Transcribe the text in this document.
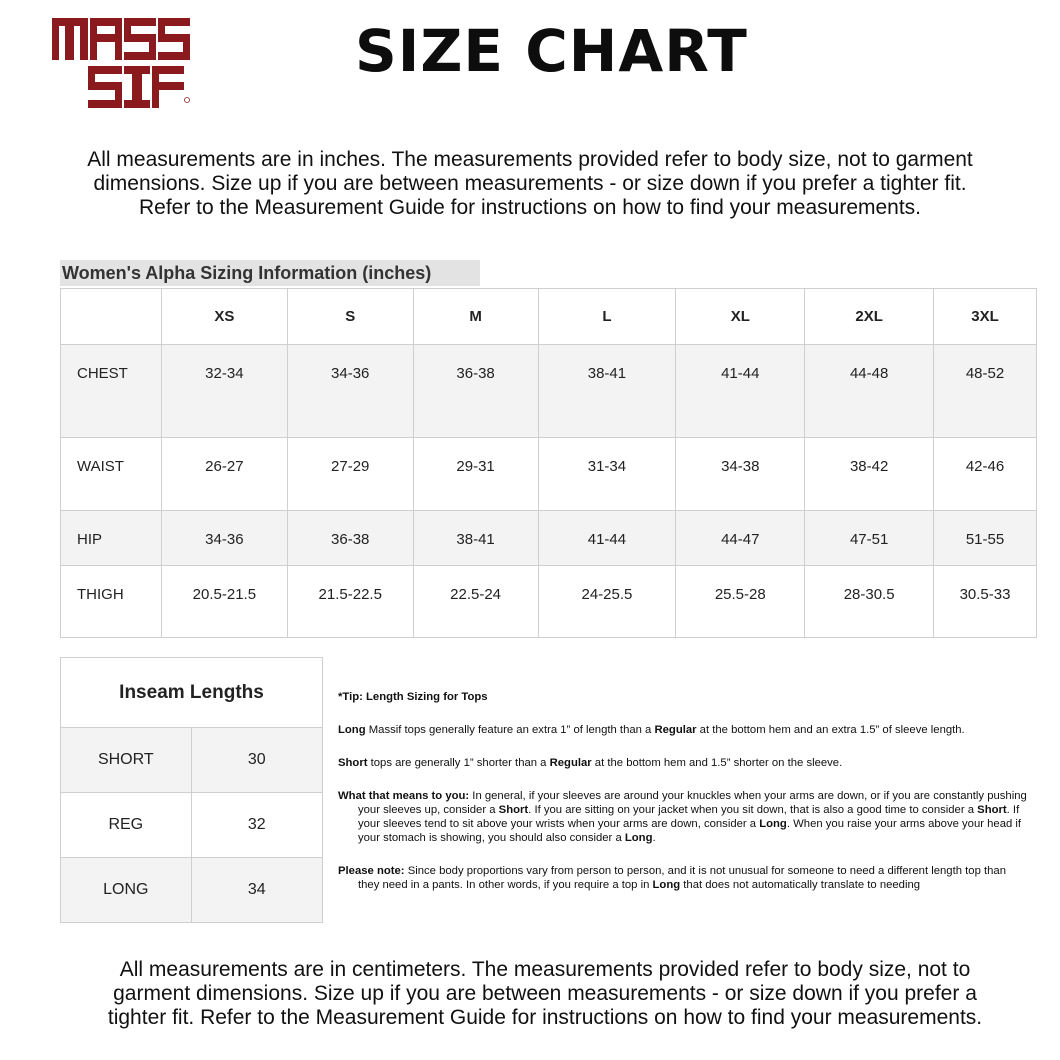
SIZE CHART
All measurements are in inches. The measurements provided refer to body size, not to garment
dimensions. Size up if you are between measurements - or size down if you prefer a tighter fit.
Refer to the Measurement Guide for instructions on how to find your measurements.
Women's Alpha Sizing Information (inches)
	XS	S	M	L	XL	2XL	3XL
CHEST	32-34	34-36	36-38	38-41	41-44	44-48	48-52
WAIST	26-27	27-29	29-31	31-34	34-38	38-42	42-46
HIP	34-36	36-38	38-41	41-44	44-47	47-51	51-55
THIGH	20.5-21.5	21.5-22.5	22.5-24	24-25.5	25.5-28	28-30.5	30.5-33
Inseam Lengths	
SHORT	30
REG	32
LONG	34
*Tip: Length Sizing for Tops

Long Massif tops generally feature an extra 1” of length than a Regular at the bottom hem and an extra 1.5” of sleeve length.

Short tops are generally 1” shorter than a Regular at the bottom hem and 1.5” shorter on the sleeve.

What that means to you: In general, if your sleeves are around your knuckles when your arms are down, or if you are constantly pushing your sleeves up, consider a Short. If you are sitting on your jacket when you sit down, that is also a good time to consider a Short. If your sleeves tend to sit above your wrists when your arms are down, consider a Long. When you raise your arms above your head if your stomach is showing, you should also consider a Long.

Please note: Since body proportions vary from person to person, and it is not unusual for someone to need a different length top than they need in a pants. In other words, if you require a top in Long that does not automatically translate to needing

All measurements are in centimeters. The measurements provided refer to body size, not to
garment dimensions. Size up if you are between measurements - or size down if you prefer a
tighter fit. Refer to the Measurement Guide for instructions on how to find your measurements.
